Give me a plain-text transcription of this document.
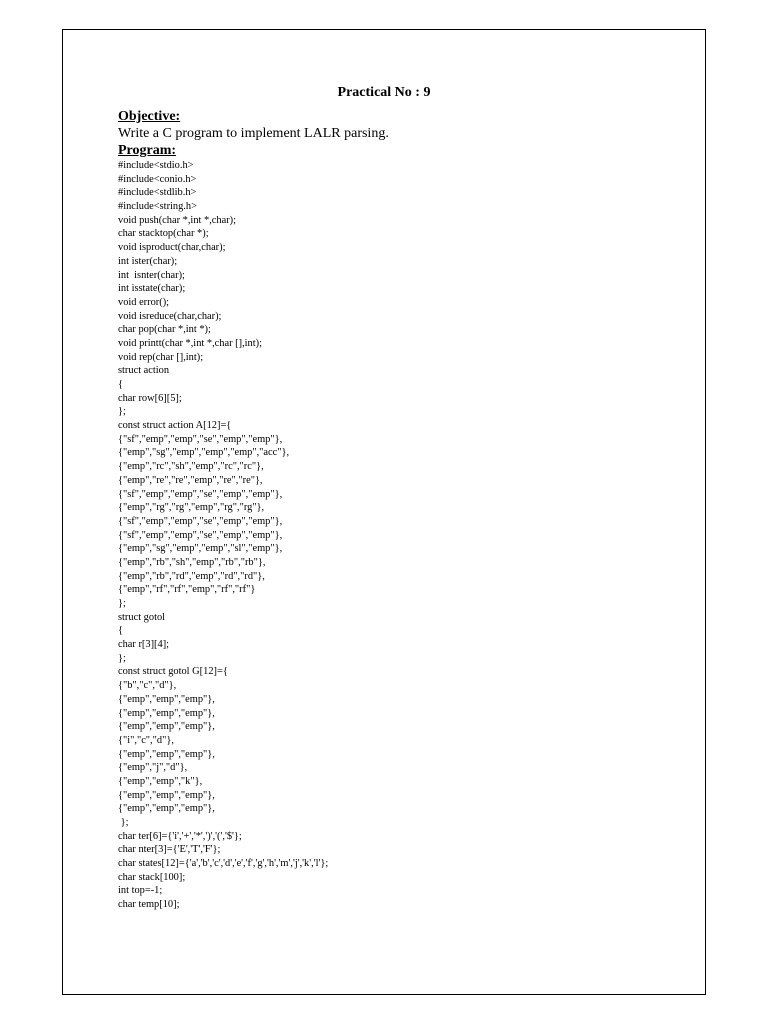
Practical No : 9
Objective:
Write a C program to implement LALR parsing.
Program:
#include<stdio.h>
#include<conio.h>
#include<stdlib.h>
#include<string.h>
void push(char *,int *,char);
char stacktop(char *);
void isproduct(char,char);
int ister(char);
int  isnter(char);
int isstate(char);
void error();
void isreduce(char,char);
char pop(char *,int *);
void printt(char *,int *,char [],int);
void rep(char [],int);
struct action
{
char row[6][5];
};
const struct action A[12]={
{"sf","emp","emp","se","emp","emp"},
{"emp","sg","emp","emp","emp","acc"},
{"emp","rc","sh","emp","rc","rc"},
{"emp","re","re","emp","re","re"},
{"sf","emp","emp","se","emp","emp"},
{"emp","rg","rg","emp","rg","rg"},
{"sf","emp","emp","se","emp","emp"},
{"sf","emp","emp","se","emp","emp"},
{"emp","sg","emp","emp","sl","emp"},
{"emp","rb","sh","emp","rb","rb"},
{"emp","rb","rd","emp","rd","rd"},
{"emp","rf","rf","emp","rf","rf"}
};
struct gotol
{
char r[3][4];
};
const struct gotol G[12]={
{"b","c","d"},
{"emp","emp","emp"},
{"emp","emp","emp"},
{"emp","emp","emp"},
{"i","c","d"},
{"emp","emp","emp"},
{"emp","j","d"},
{"emp","emp","k"},
{"emp","emp","emp"},
{"emp","emp","emp"},
};
char ter[6]={'i','+','*',')','(','$'};
char nter[3]={'E','T','F'};
char states[12]={'a','b','c','d','e','f','g','h','m','j','k','l'};
char stack[100];
int top=-1;
char temp[10];
